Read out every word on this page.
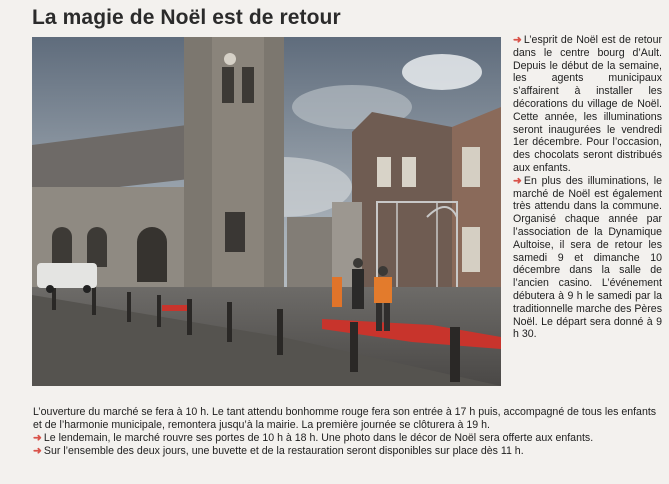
La magie de Noël est de retour

➜ L’esprit de Noël est de retour dans le centre bourg d’Ault. Depuis le début de la semaine, les agents municipaux s’affairent à installer les décorations du village de Noël. Cette année, les illuminations seront inaugurées le vendredi 1er décembre. Pour l’occasion, des chocolats seront distribués aux enfants.

➜ En plus des illuminations, le marché de Noël est également très attendu dans la commune. Organisé chaque année par l’association de la Dynamique Aultoise, il sera de retour les samedi 9 et dimanche 10 décembre dans la salle de l’ancien casino. L’événement débutera à 9 h le samedi par la traditionnelle marche des Pères Noël. Le départ sera donné à 9 h 30.

L’ouverture du marché se fera à 10 h. Le tant attendu bonhomme rouge fera son entrée à 17 h puis, accompagné de tous les enfants et de l’harmonie municipale, remontera jusqu’à la mairie. La première journée se clôturera à 19 h.

➜ Le lendemain, le marché rouvre ses portes de 10 h à 18 h. Une photo dans le décor de Noël sera offerte aux enfants.

➜ Sur l’ensemble des deux jours, une buvette et de la restauration seront disponibles sur place dès 11 h.
